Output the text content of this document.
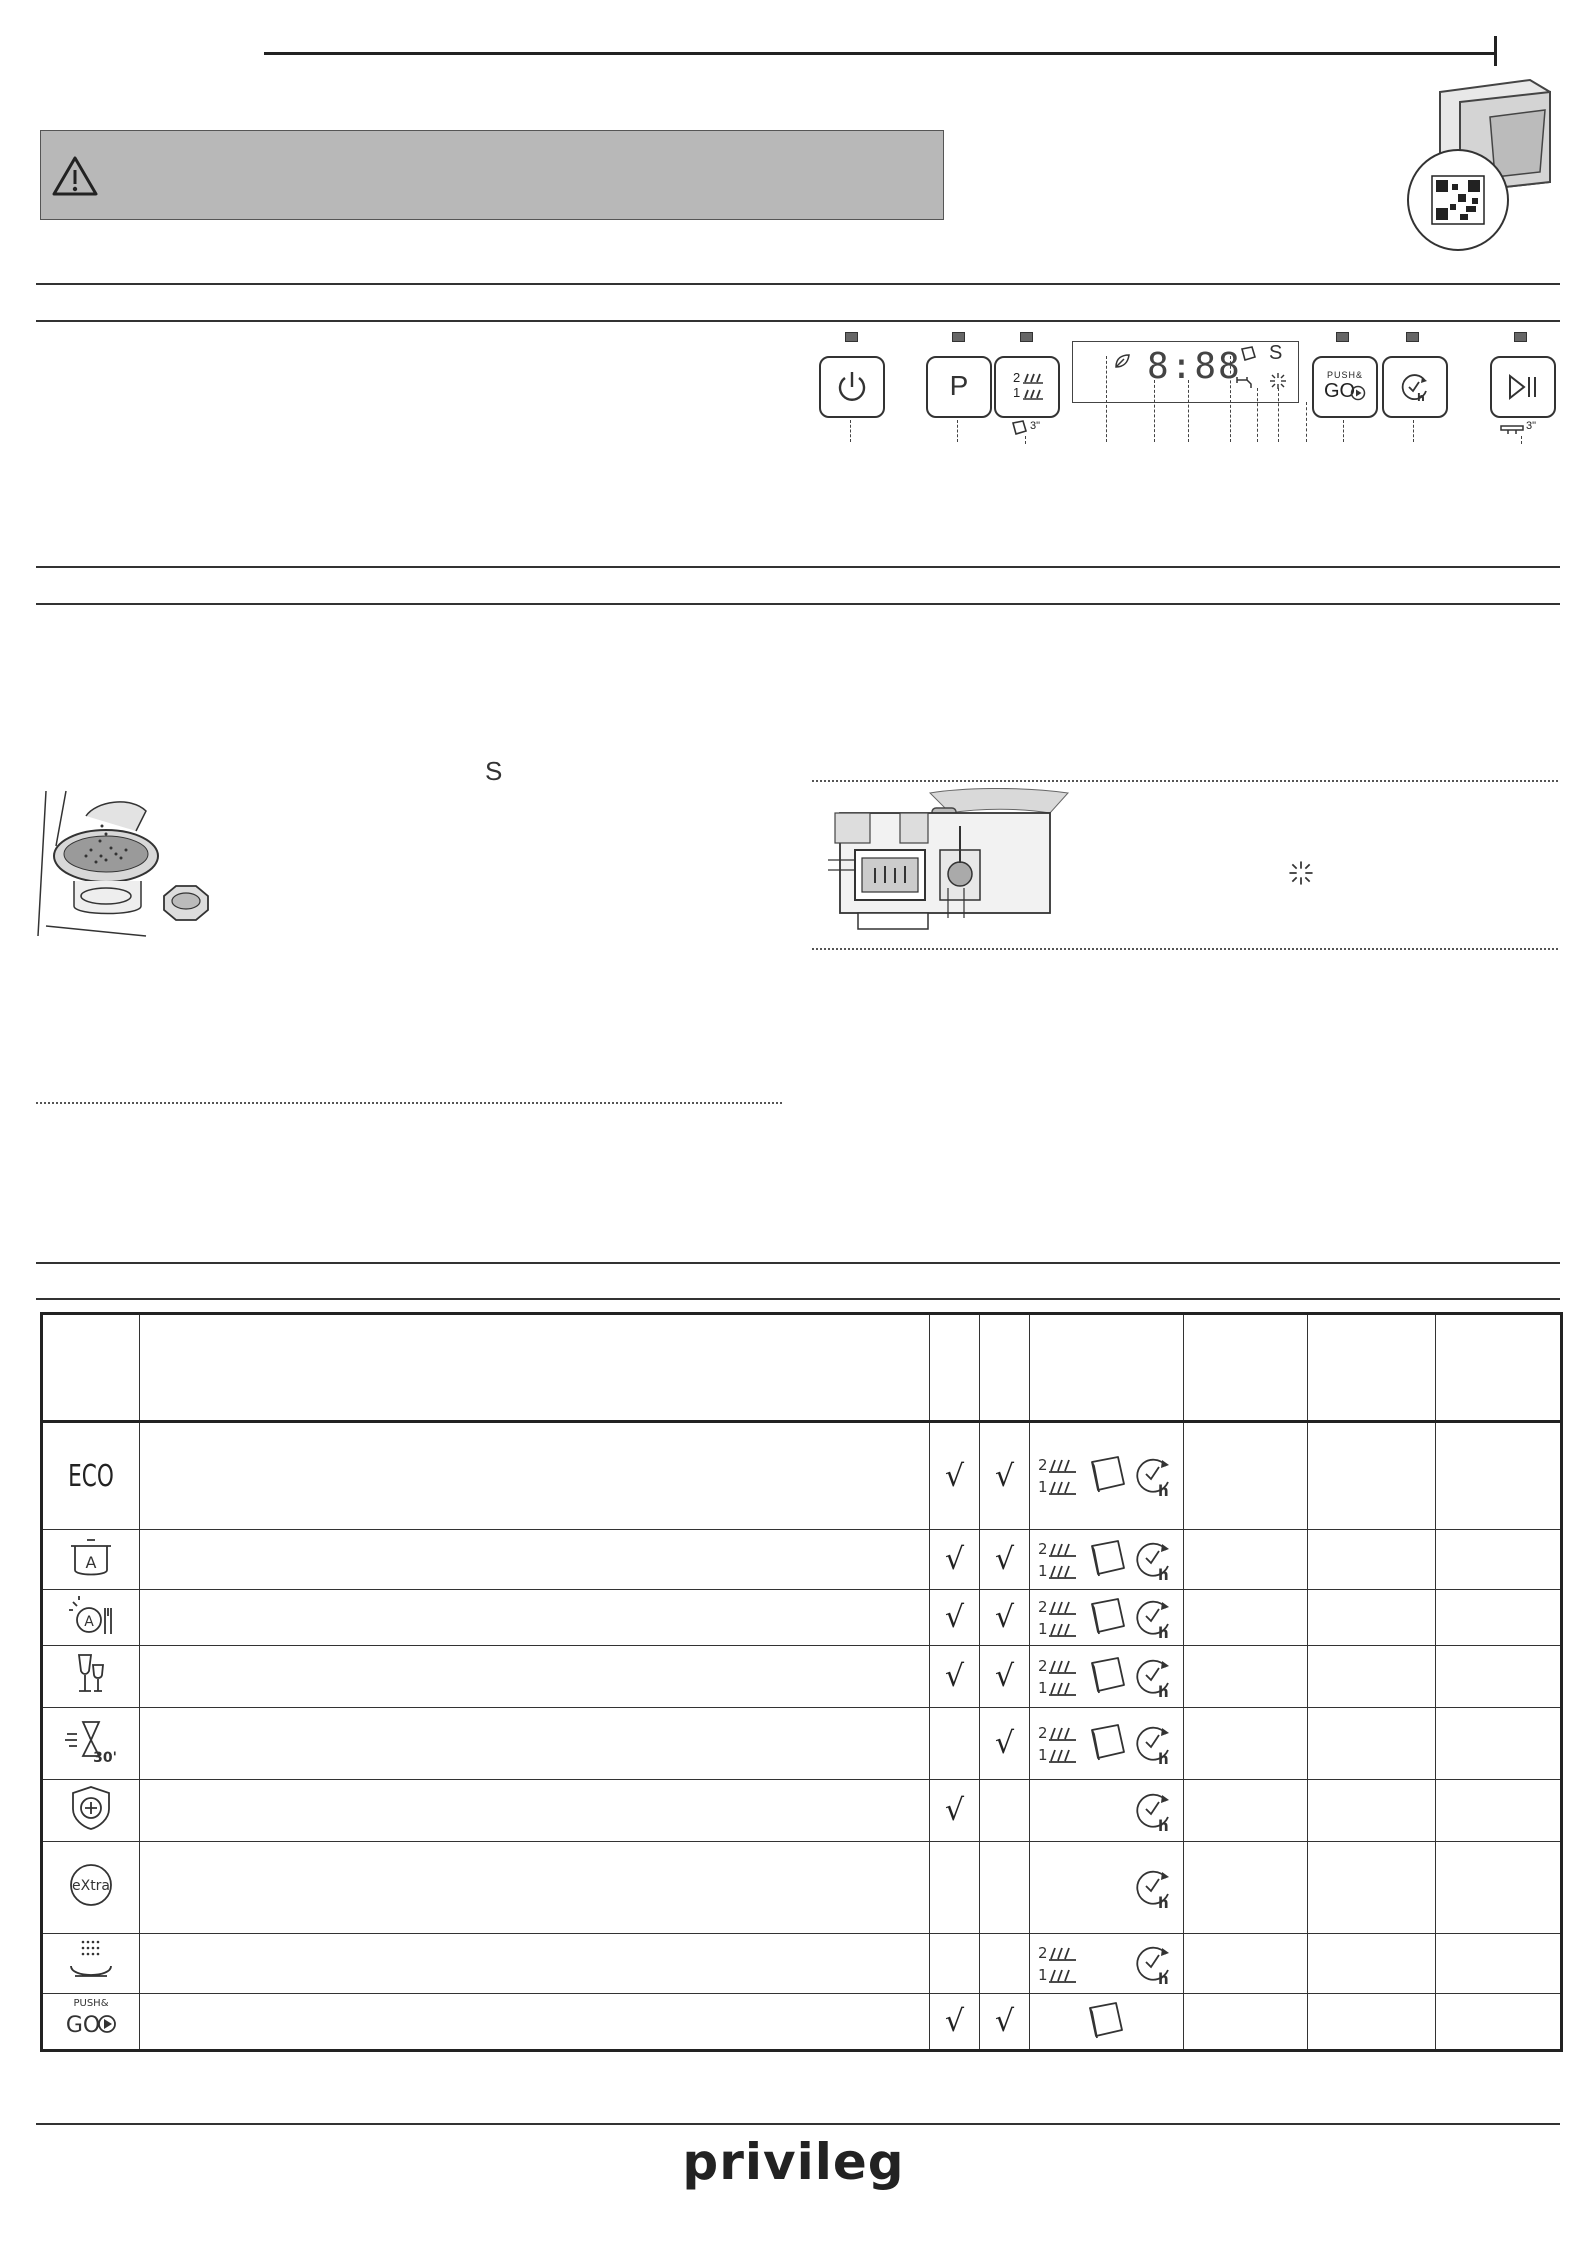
P	2
1
3"
8:88 S
PUSH&
GO	h
3"
S

ECO		√	√	2
1 h			

A		√	√	2
1 h			

A		√	√	2
1 h			

		√	√	2
1 h			

30'			√	2
1 h			

		√		h			

eXtra				h			

2
1 h			

PUSH&
GO		√	√	

privileg
